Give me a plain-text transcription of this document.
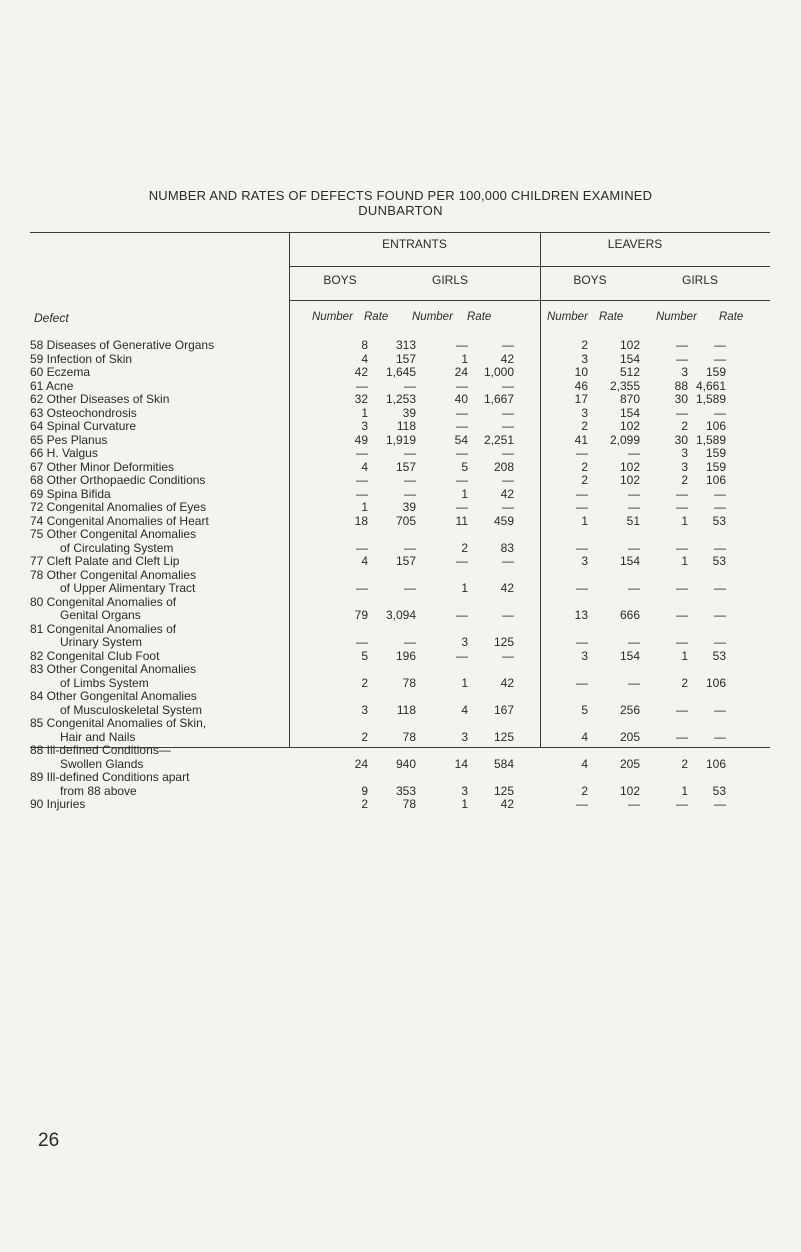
NUMBER AND RATES OF DEFECTS FOUND PER 100,000 CHILDREN EXAMINED
DUNBARTON
ENTRANTS	LEAVERS
BOYS	GIRLS	BOYS	GIRLS
Defect	Number Rate Number Rate	Number Rate	Number Rate
58 Diseases of Generative Organs	8	313	—	—	2	102	—	—
59 Infection of Skin	4	157	1	42	3	154	—	—
60 Eczema	42	1,645	24	1,000	10	512	3	159
61 Acne	—	—	—	—	46	2,355	88	4,661
62 Other Diseases of Skin	32	1,253	40	1,667	17	870	30	1,589
63 Osteochondrosis	1	39	—	—	3	154	—	—
64 Spinal Curvature	3	118	—	—	2	102	2	106
65 Pes Planus	49	1,919	54	2,251	41	2,099	30	1,589
66 H. Valgus	—	—	—	—	—	—	3	159
67 Other Minor Deformities	4	157	5	208	2	102	3	159
68 Other Orthopaedic Conditions	—	—	—	—	2	102	2	106
69 Spina Bifida	—	—	1	42	—	—	—	—
72 Congenital Anomalies of Eyes	1	39	—	—	—	—	—	—
74 Congenital Anomalies of Heart	18	705	11	459	1	51	1	53
75 Other Congenital Anomalies								
of Circulating System	—	—	2	83	—	—	—	—
77 Cleft Palate and Cleft Lip	4	157	—	—	3	154	1	53
78 Other Congenital Anomalies								
of Upper Alimentary Tract	—	—	1	42	—	—	—	—
80 Congenital Anomalies of								
Genital Organs	79	3,094	—	—	13	666	—	—
81 Congenital Anomalies of								
Urinary System	—	—	3	125	—	—	—	—
82 Congenital Club Foot	5	196	—	—	3	154	1	53
83 Other Congenital Anomalies								
of Limbs System	2	78	1	42	—	—	2	106
84 Other Gongenital Anomalies								
of Musculoskeletal System	3	118	4	167	5	256	—	—
85 Congenital Anomalies of Skin,								
Hair and Nails	2	78	3	125	4	205	—	—
88 Ill-defined Conditions—								
Swollen Glands	24	940	14	584	4	205	2	106
89 Ill-defined Conditions apart								
from 88 above	9	353	3	125	2	102	1	53
90 Injuries	2	78	1	42	—	—	—	—
26
